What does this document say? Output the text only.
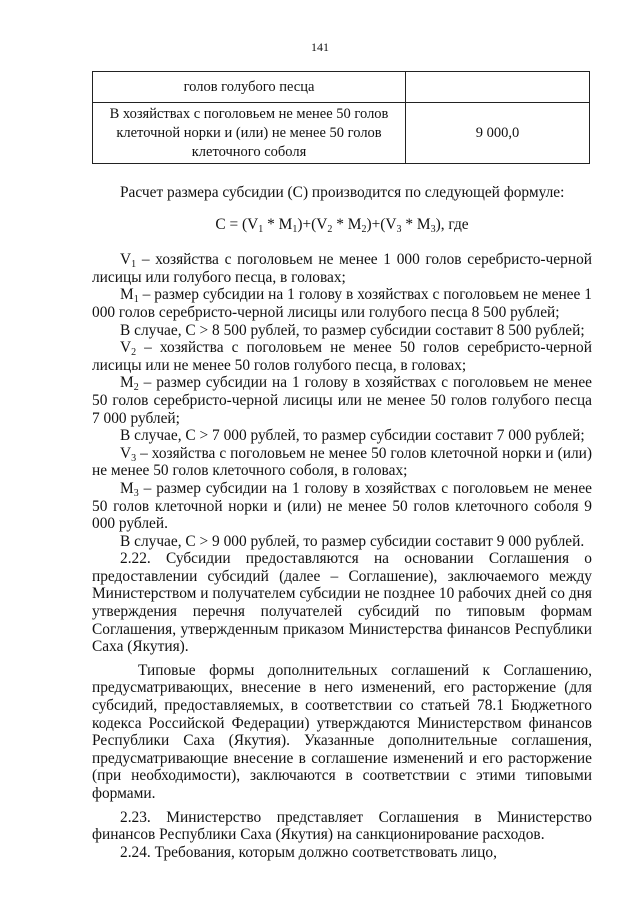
141
голов голубого песца	
В хозяйствах с поголовьем не менее 50 голов клеточной норки и (или) не менее 50 голов клеточного соболя	9 000,0

Расчет размера субсидии (С) производится по следующей формуле:

$С = (V_1 * M_1)+(V_2 * M_2)+(V_3 * M_3)$, где

$V_1$ – хозяйства с поголовьем не менее 1 000 голов серебристо-черной лисицы или голубого песца, в головах;

$M_1$ – размер субсидии на 1 голову в хозяйствах с поголовьем не менее 1 000 голов серебристо-черной лисицы или голубого песца 8 500 рублей;

В случае, С > 8 500 рублей, то размер субсидии составит 8 500 рублей;

$V_2$ – хозяйства с поголовьем не менее 50 голов серебристо-черной лисицы или не менее 50 голов голубого песца, в головах;

$M_2$ – размер субсидии на 1 голову в хозяйствах с поголовьем не менее 50 голов серебристо-черной лисицы или не менее 50 голов голубого песца 7 000 рублей;

В случае, С > 7 000 рублей, то размер субсидии составит 7 000 рублей;

$V_3$ – хозяйства с поголовьем не менее 50 голов клеточной норки и (или) не менее 50 голов клеточного соболя, в головах;

$M_3$ – размер субсидии на 1 голову в хозяйствах с поголовьем не менее 50 голов клеточной норки и (или) не менее 50 голов клеточного соболя 9 000 рублей.

В случае, С > 9 000 рублей, то размер субсидии составит 9 000 рублей.

2.22. Субсидии предоставляются на основании Соглашения о предоставлении субсидий (далее – Соглашение), заключаемого между Министерством и получателем субсидии не позднее 10 рабочих дней со дня утверждения перечня получателей субсидий по типовым формам Соглашения, утвержденным приказом Министерства финансов Республики Саха (Якутия).

Типовые формы дополнительных соглашений к Соглашению, предусматривающих, внесение в него изменений, его расторжение (для субсидий, предоставляемых, в соответствии со статьей 78.1 Бюджетного кодекса Российской Федерации) утверждаются Министерством финансов Республики Саха (Якутия). Указанные дополнительные соглашения, предусматривающие внесение в соглашение изменений и его расторжение (при необходимости), заключаются в соответствии с этими типовыми формами.

2.23. Министерство представляет Соглашения в Министерство финансов Республики Саха (Якутия) на санкционирование расходов.

2.24. Требования, которым должно соответствовать лицо,
